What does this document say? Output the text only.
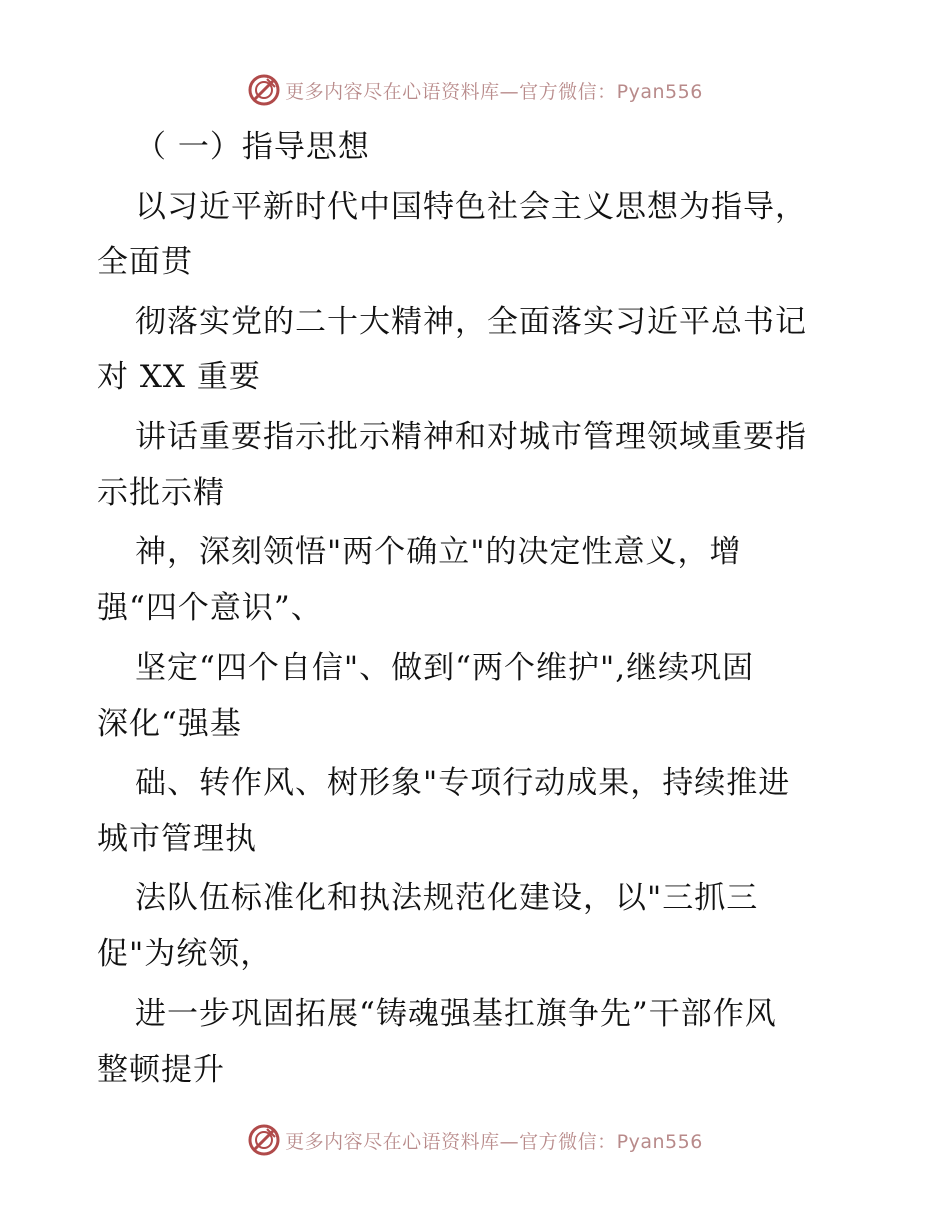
更多内容尽在心语资料库—官方微信：Pyan556
（ 一）指导思想
以习近平新时代中国特色社会主义思想为指导，
全面贯
彻落实党的二十大精神，全面落实习近平总书记
对 XX 重要
讲话重要指示批示精神和对城市管理领域重要指
示批示精
神，深刻领悟"两个确立"的决定性意义，增
强“四个意识”、
坚定“四个自信"、做到“两个维护",继续巩固
深化“强基
础、转作风、树形象"专项行动成果，持续推进
城市管理执
法队伍标准化和执法规范化建设，以"三抓三
促"为统领，
进一步巩固拓展“铸魂强基扛旗争先”干部作风
整顿提升
更多内容尽在心语资料库—官方微信：Pyan556
